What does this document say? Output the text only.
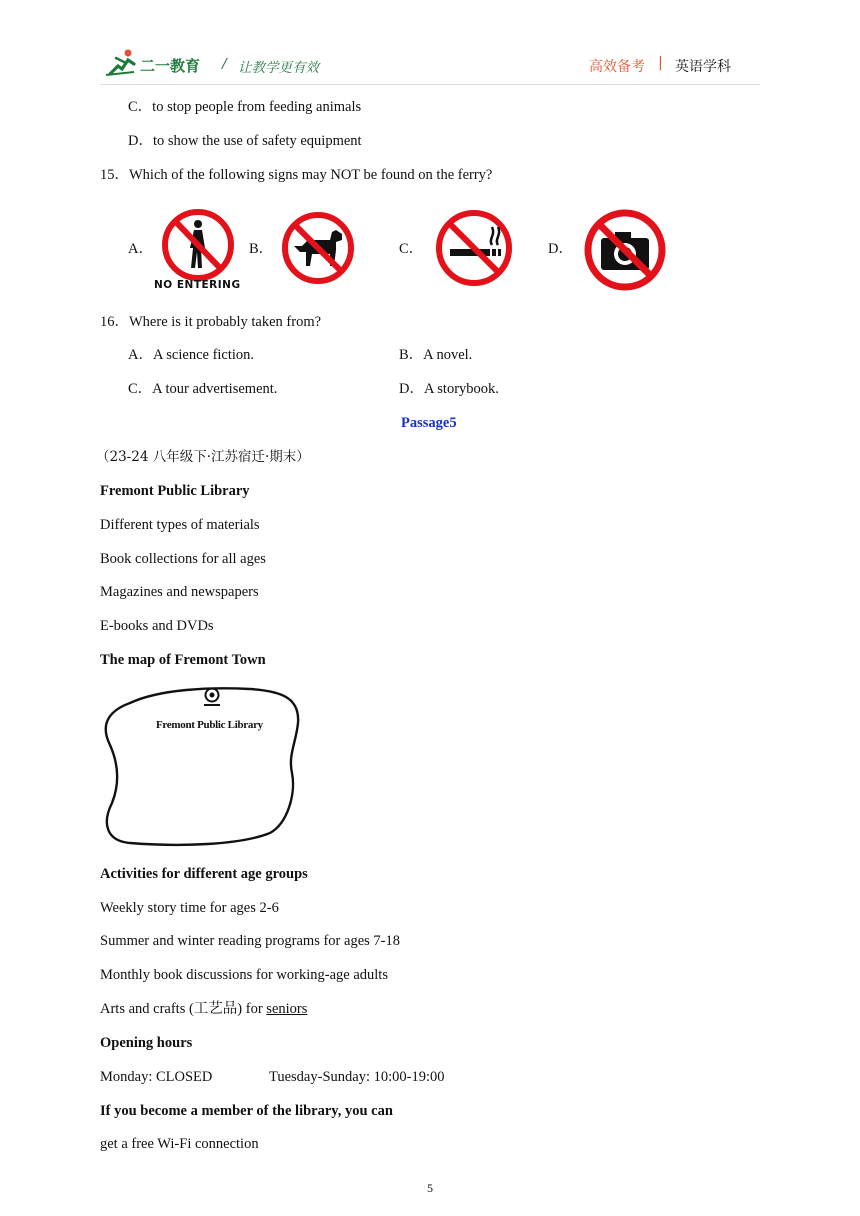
二一教育 / 让教学更有效	高效备考 | 英语学科
C．to stop people from feeding animals
D．to show the use of safety equipment
15．Which of the following signs may NOT be found on the ferry?
A．
NO ENTERING
B．	C．	D．
16．Where is it probably taken from?
A．A science fiction.	B．A novel.
C．A tour advertisement.	D．A storybook.
Passage5
（23-24 八年级下·江苏宿迁·期末）
Fremont Public Library
Different types of materials
Book collections for all ages
Magazines and newspapers
E-books and DVDs
The map of Fremont Town
Fremont Public Library
Activities for different age groups
Weekly story time for ages 2-6
Summer and winter reading programs for ages 7-18
Monthly book discussions for working-age adults
Arts and crafts (工艺品) for seniors
Opening hours
Monday: CLOSED	Tuesday-Sunday: 10:00-19:00
If you become a member of the library, you can
get a free Wi-Fi connection
5
